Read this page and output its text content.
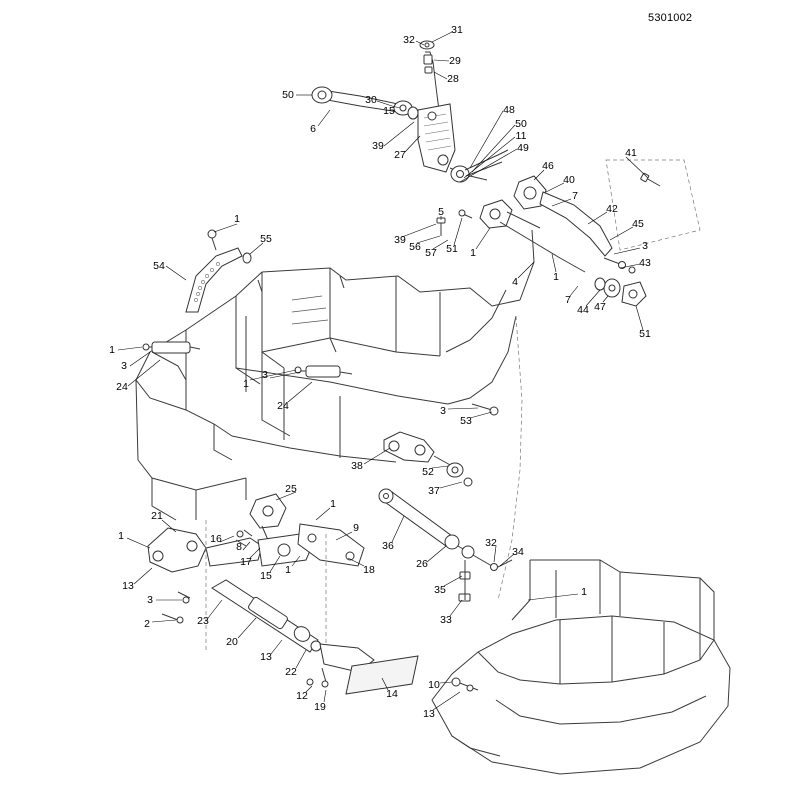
5301002
31
32
29
28
50	30
15	48
6	50
11
39
27
49	41
46
40
7
42
5
45
1
39	3
55
56 57 51 1
54	43
4	1
7
44 47
51
1
3
24	1
3
24	3
53
38	52
37
25
1
21
9
36
1	16
8	32
34
17
15 1	18	26
13	35
3
2	23	33
1
20
13
22
14
12
19
10
13
